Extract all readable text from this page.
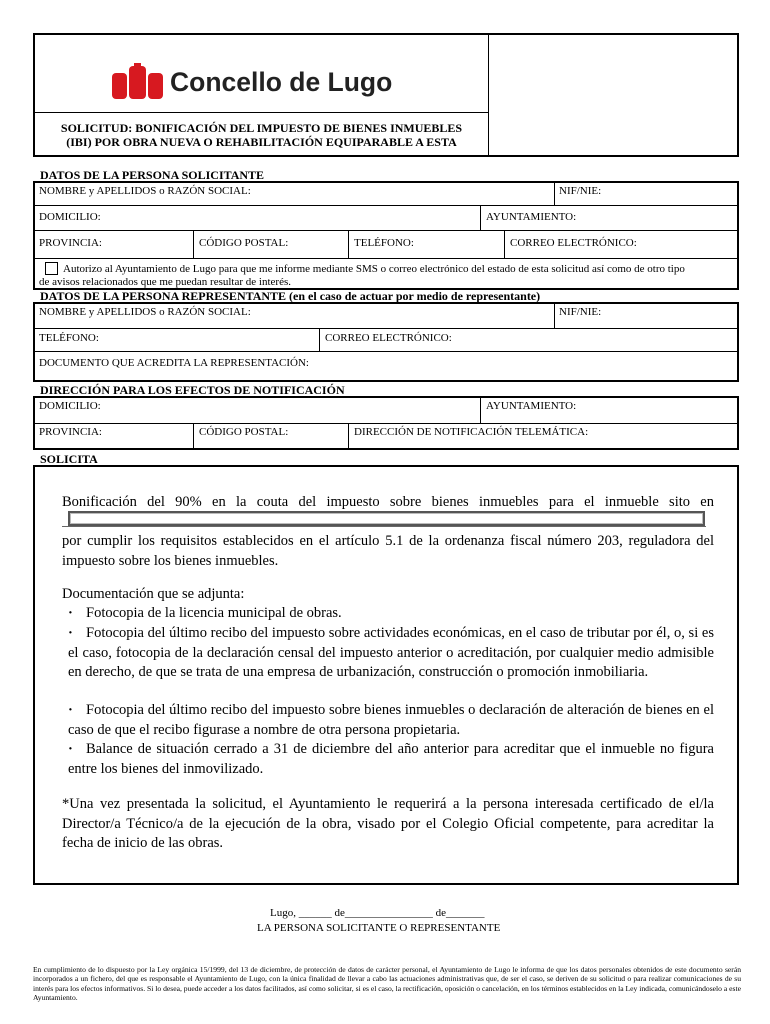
Concello de Lugo
SOLICITUD: BONIFICACIÓN DEL IMPUESTO DE BIENES INMUEBLES
(IBI) POR OBRA NUEVA O REHABILITACIÓN EQUIPARABLE A ESTA
DATOS DE LA PERSONA SOLICITANTE
NOMBRE y APELLIDOS o RAZÓN SOCIAL:	NIF/NIE:
DOMICILIO:	AYUNTAMIENTO:
PROVINCIA:	CÓDIGO POSTAL:	TELÉFONO:	CORREO ELECTRÓNICO:
Autorizo al Ayuntamiento de Lugo para que me informe mediante SMS o correo electrónico del estado de esta solicitud así como de otro tipo
de avisos relacionados que me puedan resultar de interés.
DATOS DE LA PERSONA REPRESENTANTE (en el caso de actuar por medio de representante)
NOMBRE y APELLIDOS o RAZÓN SOCIAL:	NIF/NIE:
TELÉFONO:	CORREO ELECTRÓNICO:
DOCUMENTO QUE ACREDITA LA REPRESENTACIÓN:
DIRECCIÓN PARA LOS EFECTOS DE NOTIFICACIÓN
DOMICILIO:	AYUNTAMIENTO:
PROVINCIA:	CÓDIGO POSTAL:	DIRECCIÓN DE NOTIFICACIÓN TELEMÁTICA:
SOLICITA
Bonificación del 90% en la couta del impuesto sobre bienes inmuebles para el inmueble sito en
por cumplir los requisitos establecidos en el artículo 5.1 de la ordenanza fiscal número 203, reguladora del impuesto sobre los bienes inmuebles.
Documentación que se adjunta:
· Fotocopia de la licencia municipal de obras.
· Fotocopia del último recibo del impuesto sobre actividades económicas, en el caso de tributar por él, o, si es el caso, fotocopia de la declaración censal del impuesto anterior o acreditación, por cualquier medio admisible en derecho, de que se trata de una empresa de urbanización, construcción o promoción inmobiliaria.
· Fotocopia del último recibo del impuesto sobre bienes inmuebles o declaración de alteración de bienes en el caso de que el recibo figurase a nombre de otra persona propietaria.
· Balance de situación cerrado a 31 de diciembre del año anterior para acreditar que el inmueble no figura entre los bienes del inmovilizado.
*Una vez presentada la solicitud, el Ayuntamiento le requerirá a la persona interesada certificado de el/la Director/a Técnico/a de la ejecución de la obra, visado por el Colegio Oficial competente, para acreditar la fecha de inicio de las obras.
Lugo, ______ de________________ de_______
LA PERSONA SOLICITANTE O REPRESENTANTE
En cumplimiento de lo dispuesto por la Ley orgánica 15/1999, del 13 de diciembre, de protección de datos de carácter personal, el Ayuntamiento de Lugo le informa de que los datos personales obtenidos de este documento serán incorporados a un fichero, del que es responsable el Ayuntamiento de Lugo, con la única finalidad de llevar a cabo las actuaciones administrativas que, de ser el caso, se deriven de su solicitud o para realizar comunicaciones de su interés para los efectos informativos. Si lo desea, puede acceder a los datos facilitados, así como solicitar, si es el caso, la rectificación, oposición o cancelación, en los términos establecidos en la Ley indicada, comunicándoselo a este Ayuntamiento.
